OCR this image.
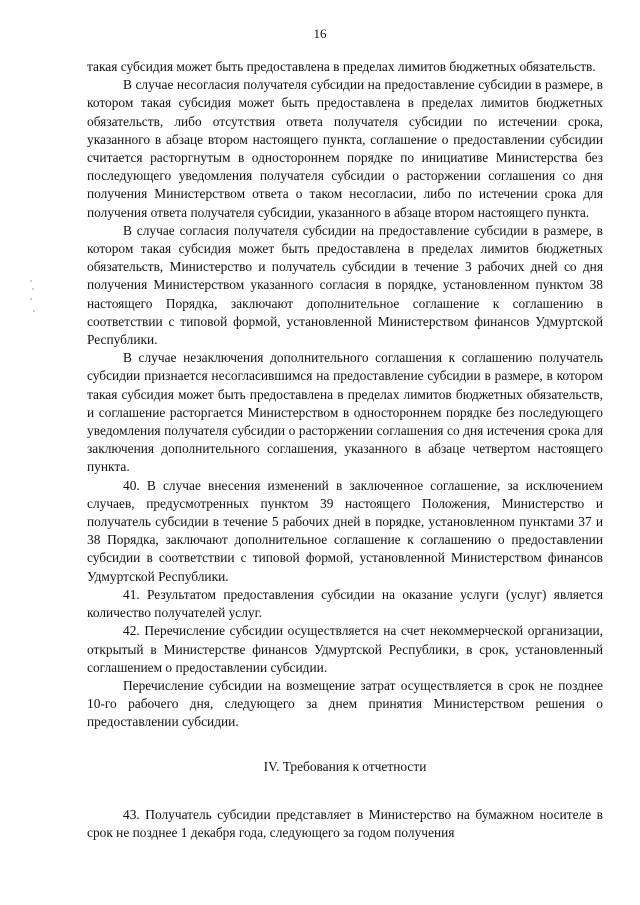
16

такая субсидия может быть предоставлена в пределах лимитов бюджетных обязательств.

В случае несогласия получателя субсидии на предоставление субсидии в размере, в котором такая субсидия может быть предоставлена в пределах лимитов бюджетных обязательств, либо отсутствия ответа получателя субсидии по истечении срока, указанного в абзаце втором настоящего пункта, соглашение о предоставлении субсидии считается расторгнутым в одностороннем порядке по инициативе Министерства без последующего уведомления получателя субсидии о расторжении соглашения со дня получения Министерством ответа о таком несогласии, либо по истечении срока для получения ответа получателя субсидии, указанного в абзаце втором настоящего пункта.

В случае согласия получателя субсидии на предоставление субсидии в размере, в котором такая субсидия может быть предоставлена в пределах лимитов бюджетных обязательств, Министерство и получатель субсидии в течение 3 рабочих дней со дня получения Министерством указанного согласия в порядке, установленном пунктом 38 настоящего Порядка, заключают дополнительное соглашение к соглашению в соответствии с типовой формой, установленной Министерством финансов Удмуртской Республики.

В случае незаключения дополнительного соглашения к соглашению получатель субсидии признается несогласившимся на предоставление субсидии в размере, в котором такая субсидия может быть предоставлена в пределах лимитов бюджетных обязательств, и соглашение расторгается Министерством в одностороннем порядке без последующего уведомления получателя субсидии о расторжении соглашения со дня истечения срока для заключения дополнительного соглашения, указанного в абзаце четвертом настоящего пункта.

40. В случае внесения изменений в заключенное соглашение, за исключением случаев, предусмотренных пунктом 39 настоящего Положения, Министерство и получатель субсидии в течение 5 рабочих дней в порядке, установленном пунктами 37 и 38 Порядка, заключают дополнительное соглашение к соглашению о предоставлении субсидии в соответствии с типовой формой, установленной Министерством финансов Удмуртской Республики.

41. Результатом предоставления субсидии на оказание услуги (услуг) является количество получателей услуг.

42. Перечисление субсидии осуществляется на счет некоммерческой организации, открытый в Министерстве финансов Удмуртской Республики, в срок, установленный соглашением о предоставлении субсидии.

Перечисление субсидии на возмещение затрат осуществляется в срок не позднее 10-го рабочего дня, следующего за днем принятия Министерством решения о предоставлении субсидии.

IV. Требования к отчетности

43. Получатель субсидии представляет в Министерство на бумажном носителе в срок не позднее 1 декабря года, следующего за годом получения
